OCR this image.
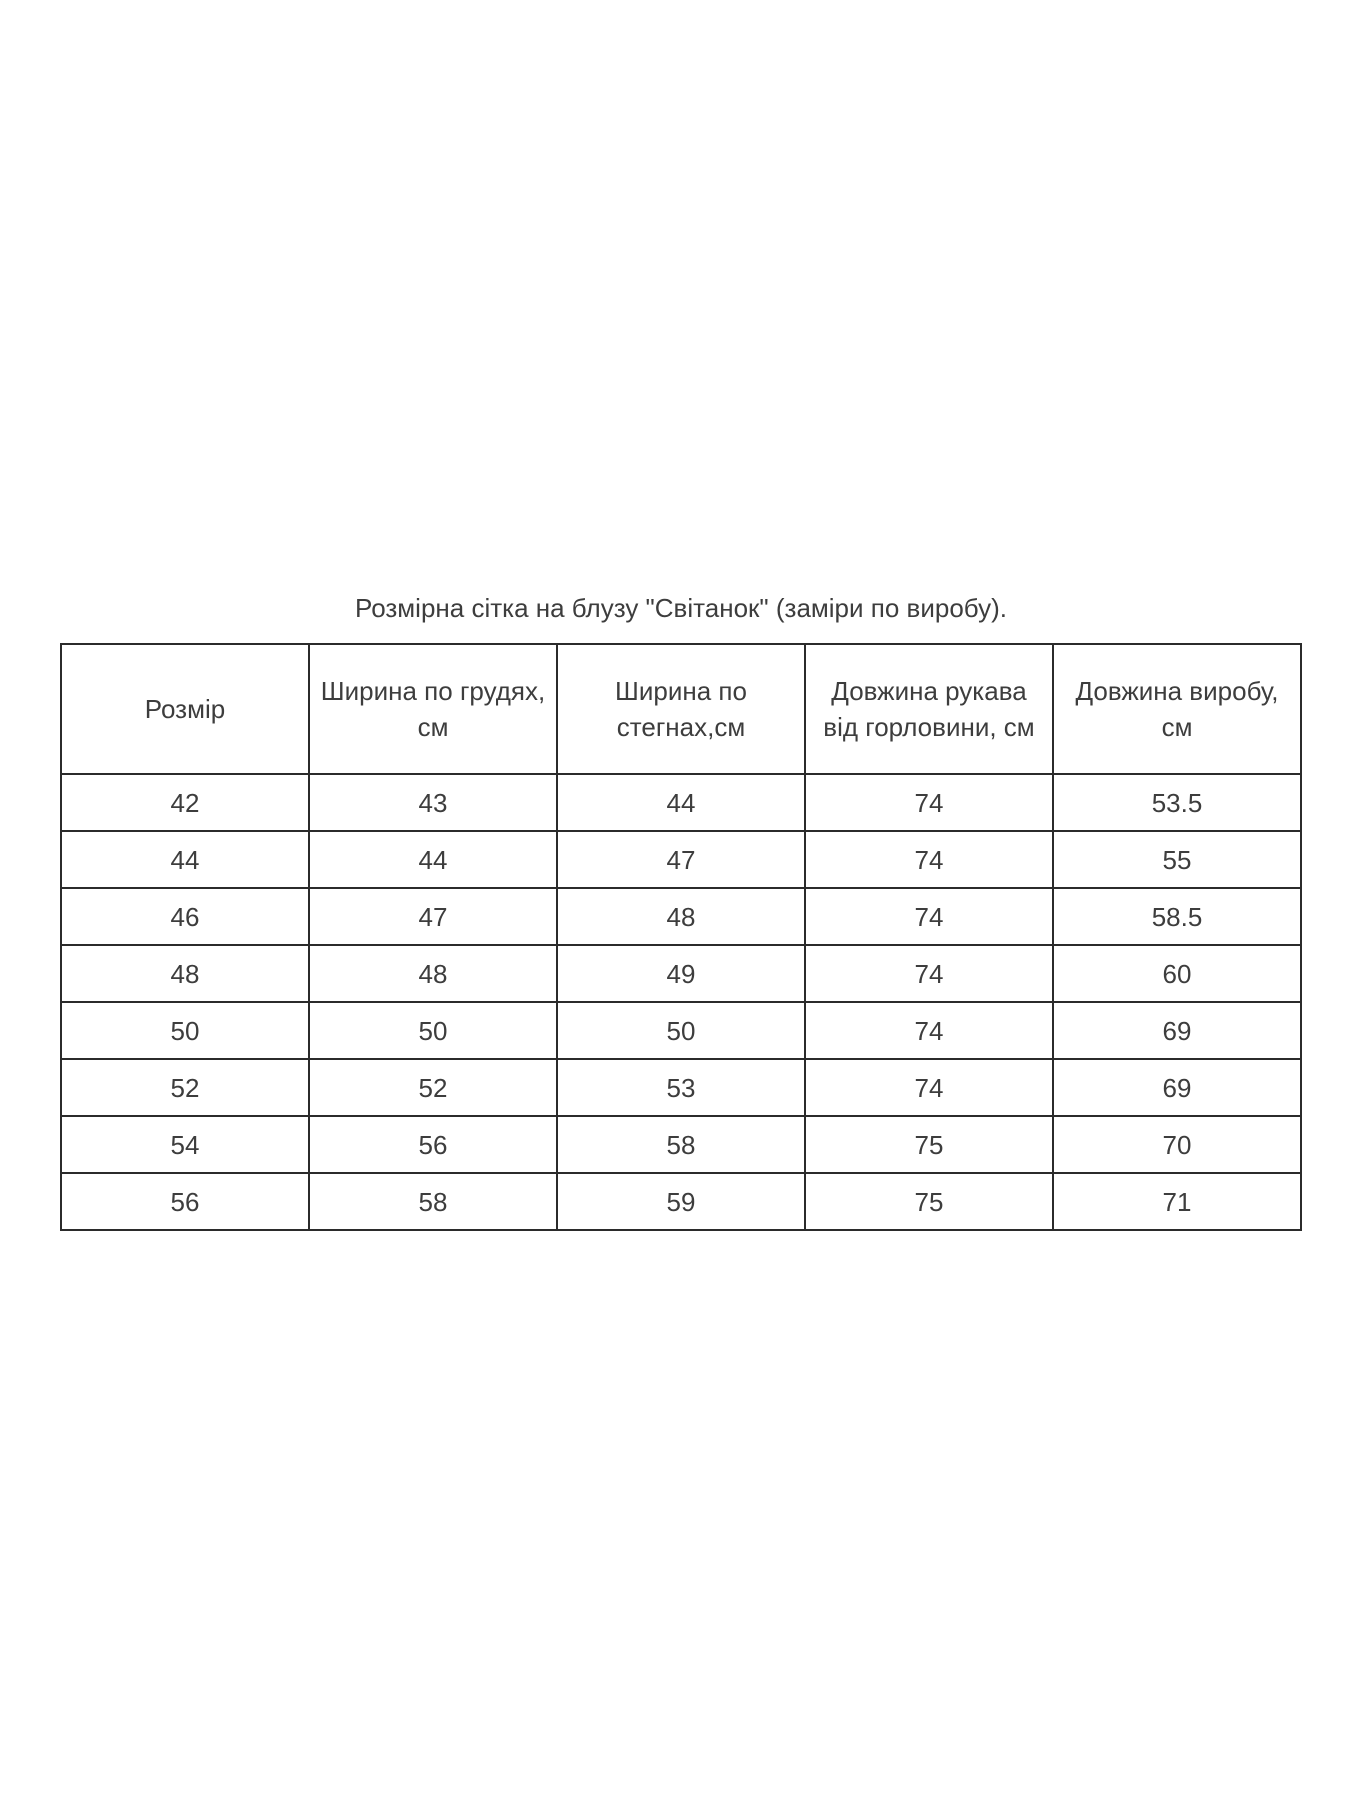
Розмірна сітка на блузу "Світанок" (заміри по виробу).
Розмір	Ширина по грудях, см	Ширина по стегнах,см	Довжина рукава від горловини, см	Довжина виробу, см
42	43	44	74	53.5
44	44	47	74	55
46	47	48	74	58.5
48	48	49	74	60
50	50	50	74	69
52	52	53	74	69
54	56	58	75	70
56	58	59	75	71
